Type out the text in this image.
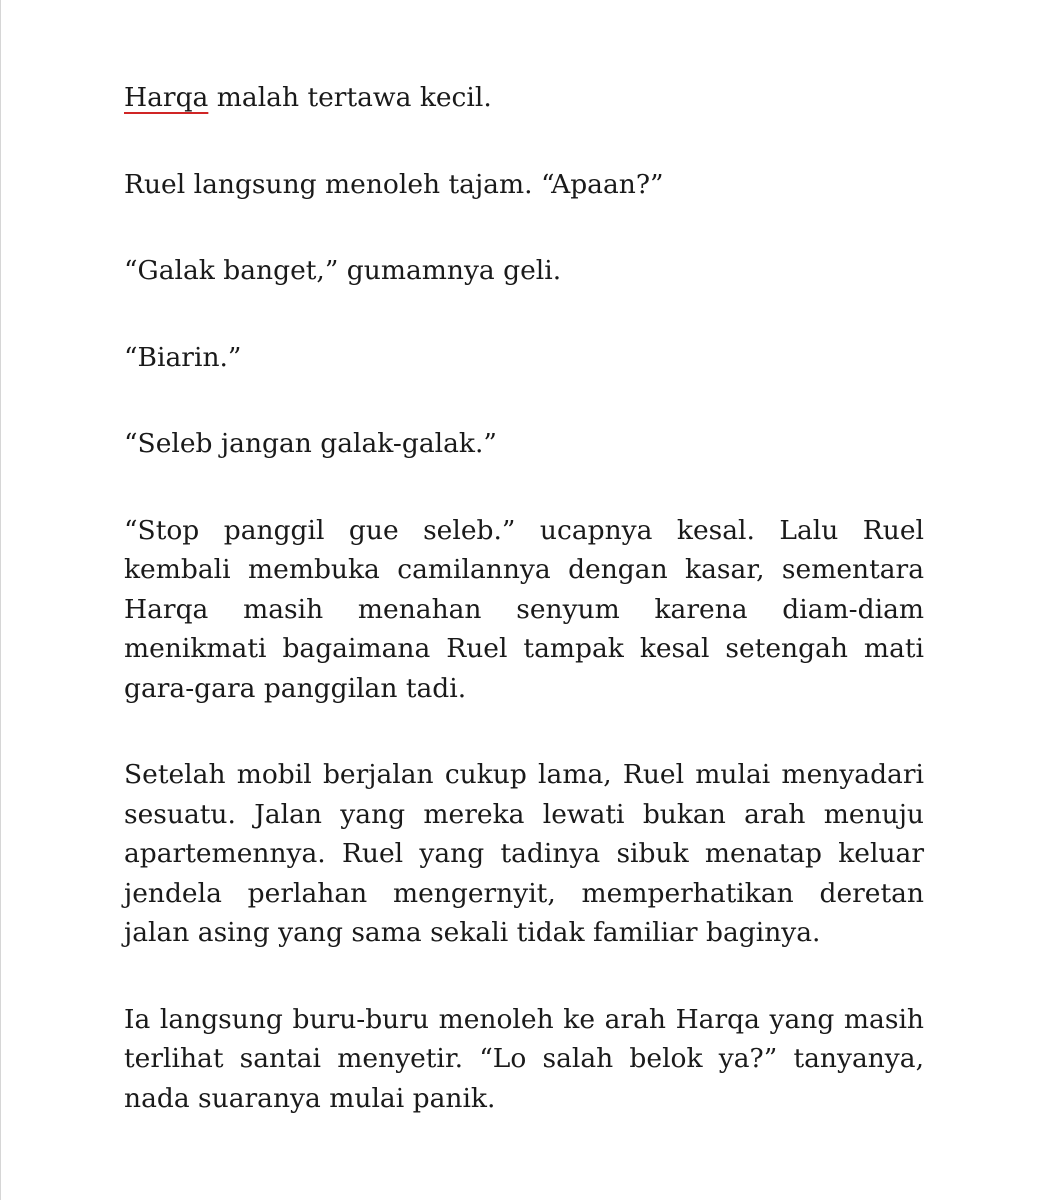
Harqa malah tertawa kecil.

Ruel langsung menoleh tajam. “Apaan?”

“Galak banget,” gumamnya geli.

“Biarin.”

“Seleb jangan galak-galak.”

“Stop panggil gue seleb.” ucapnya kesal. Lalu Ruel kembali membuka camilannya dengan kasar, sementara Harqa masih menahan senyum karena diam-diam menikmati bagaimana Ruel tampak kesal setengah mati gara-gara panggilan tadi.

Setelah mobil berjalan cukup lama, Ruel mulai menyadari sesuatu. Jalan yang mereka lewati bukan arah menuju apartemennya. Ruel yang tadinya sibuk menatap keluar jendela perlahan mengernyit, memperhatikan deretan jalan asing yang sama sekali tidak familiar baginya.

Ia langsung buru-buru menoleh ke arah Harqa yang masih terlihat santai menyetir. “Lo salah belok ya?” tanyanya, nada suaranya mulai panik.
